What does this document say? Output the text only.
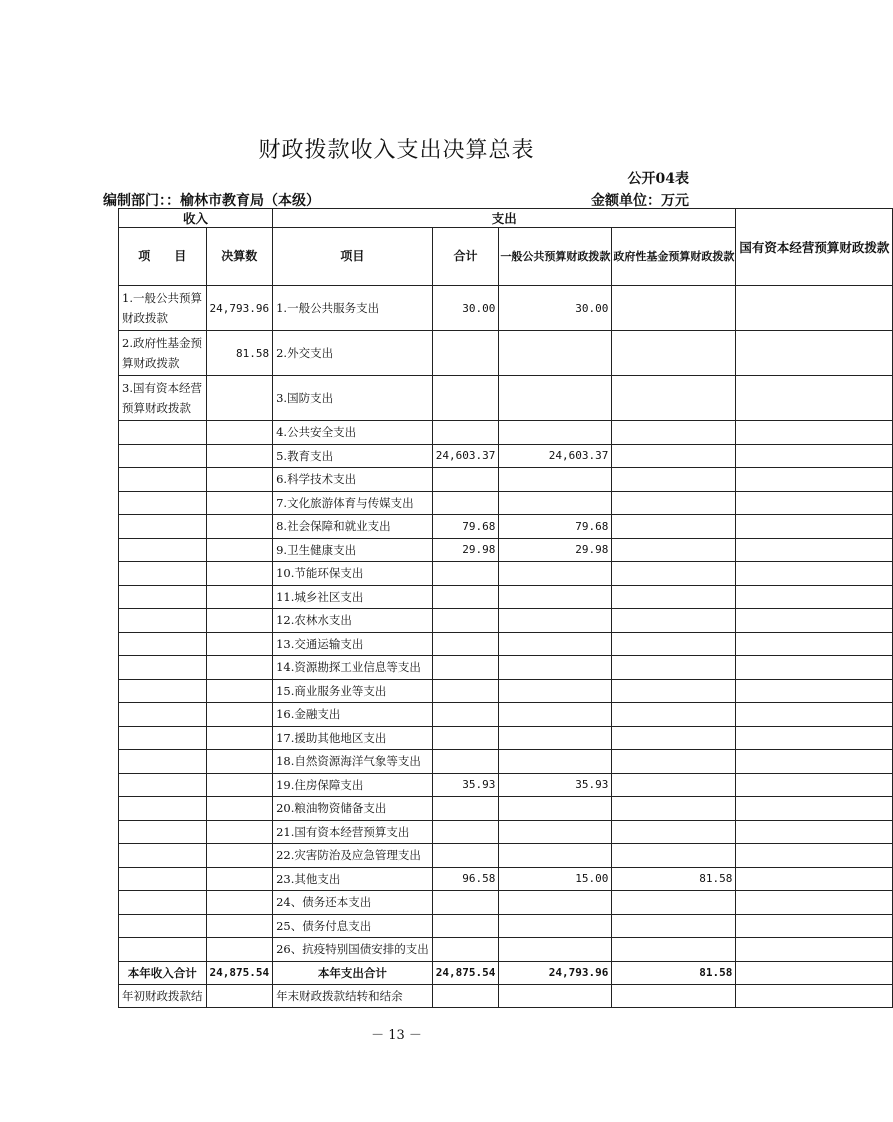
财政拨款收入支出决算总表
公开04表
编制部门：：榆林市教育局（本级）	金额单位：万元
收入		支出				国有资本经营预算财政拨款
项　　目	决算数	项目	合计	一般公共预算财政拨款	政府性基金预算财政拨款	
1.一般公共预算财政拨款	24,793.96	1.一般公共服务支出	30.00	30.00		
2.政府性基金预算财政拨款	81.58	2.外交支出				
3.国有资本经营预算财政拨款		3.国防支出				
		4.公共安全支出				
		5.教育支出	24,603.37	24,603.37		
		6.科学技术支出				
		7.文化旅游体育与传媒支出				
		8.社会保障和就业支出	79.68	79.68		
		9.卫生健康支出	29.98	29.98		
		10.节能环保支出				
		11.城乡社区支出				
		12.农林水支出				
		13.交通运输支出				
		14.资源勘探工业信息等支出				
		15.商业服务业等支出				
		16.金融支出				
		17.援助其他地区支出				
		18.自然资源海洋气象等支出				
		19.住房保障支出	35.93	35.93		
		20.粮油物资储备支出				
		21.国有资本经营预算支出				
		22.灾害防治及应急管理支出				
		23.其他支出	96.58	15.00	81.58	
		24、债务还本支出				
		25、债务付息支出				
		26、抗疫特别国债安排的支出				
本年收入合计	24,875.54	本年支出合计	24,875.54	24,793.96	81.58	
年初财政拨款结		年末财政拨款结转和结余				
－ 13 －
